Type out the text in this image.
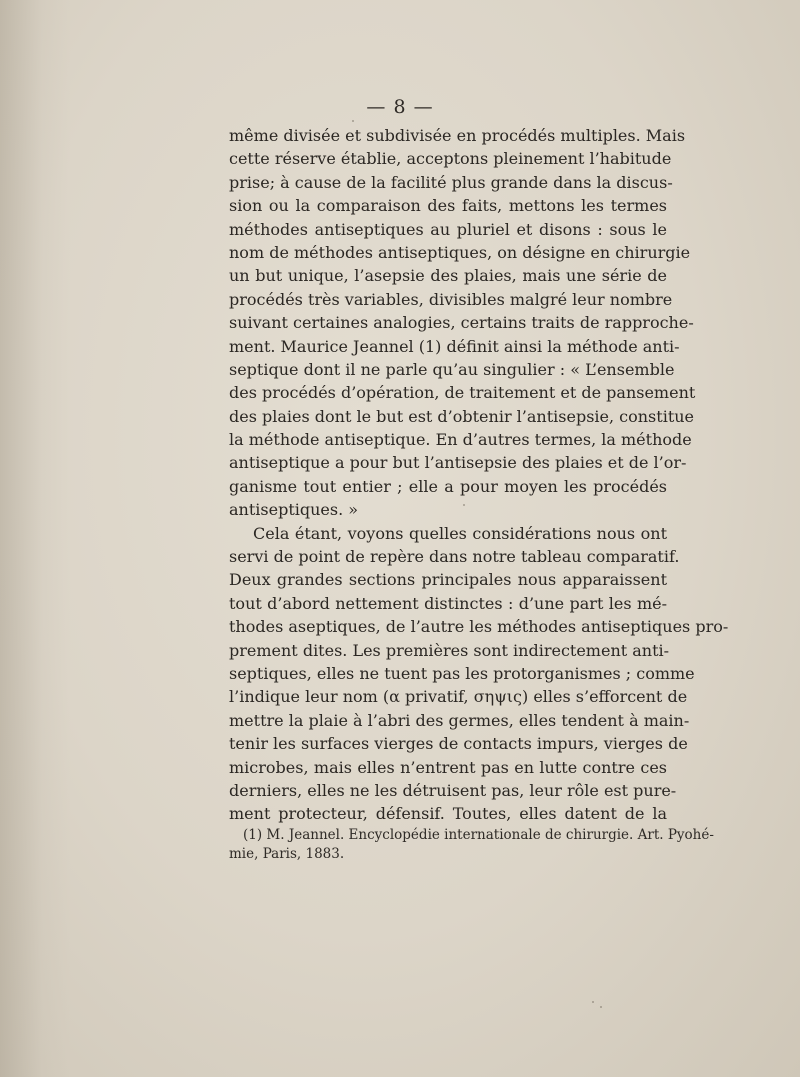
— 8 —
même divisée et subdivisée en procédés multiples. Mais
cette réserve établie, acceptons pleinement l’habitude
prise; à cause de la facilité plus grande dans la discus-
sion ou la comparaison des faits, mettons les termes
méthodes antiseptiques au pluriel et disons : sous le
nom de méthodes antiseptiques, on désigne en chirurgie
un but unique, l’asepsie des plaies, mais une série de
procédés très variables, divisibles malgré leur nombre
suivant certaines analogies, certains traits de rapproche-
ment. Maurice Jeannel (1) définit ainsi la méthode anti-
septique dont il ne parle qu’au singulier : « L’ensemble
des procédés d’opération, de traitement et de pansement
des plaies dont le but est d’obtenir l’antisepsie, constitue
la méthode antiseptique. En d’autres termes, la méthode
antiseptique a pour but l’antisepsie des plaies et de l’or-
ganisme tout entier ; elle a pour moyen les procédés
antiseptiques. »
Cela étant, voyons quelles considérations nous ont
servi de point de repère dans notre tableau comparatif.
Deux grandes sections principales nous apparaissent
tout d’abord nettement distinctes : d’une part les mé-
thodes aseptiques, de l’autre les méthodes antiseptiques pro-
prement dites. Les premières sont indirectement anti-
septiques, elles ne tuent pas les protorganismes ; comme
l’indique leur nom (α privatif, σηψις) elles s’efforcent de
mettre la plaie à l’abri des germes, elles tendent à main-
tenir les surfaces vierges de contacts impurs, vierges de
microbes, mais elles n’entrent pas en lutte contre ces
derniers, elles ne les détruisent pas, leur rôle est pure-
ment protecteur, défensif. Toutes, elles datent de la
(1) M. Jeannel. Encyclopédie internationale de chirurgie. Art. Pyohé-
mie, Paris, 1883.
